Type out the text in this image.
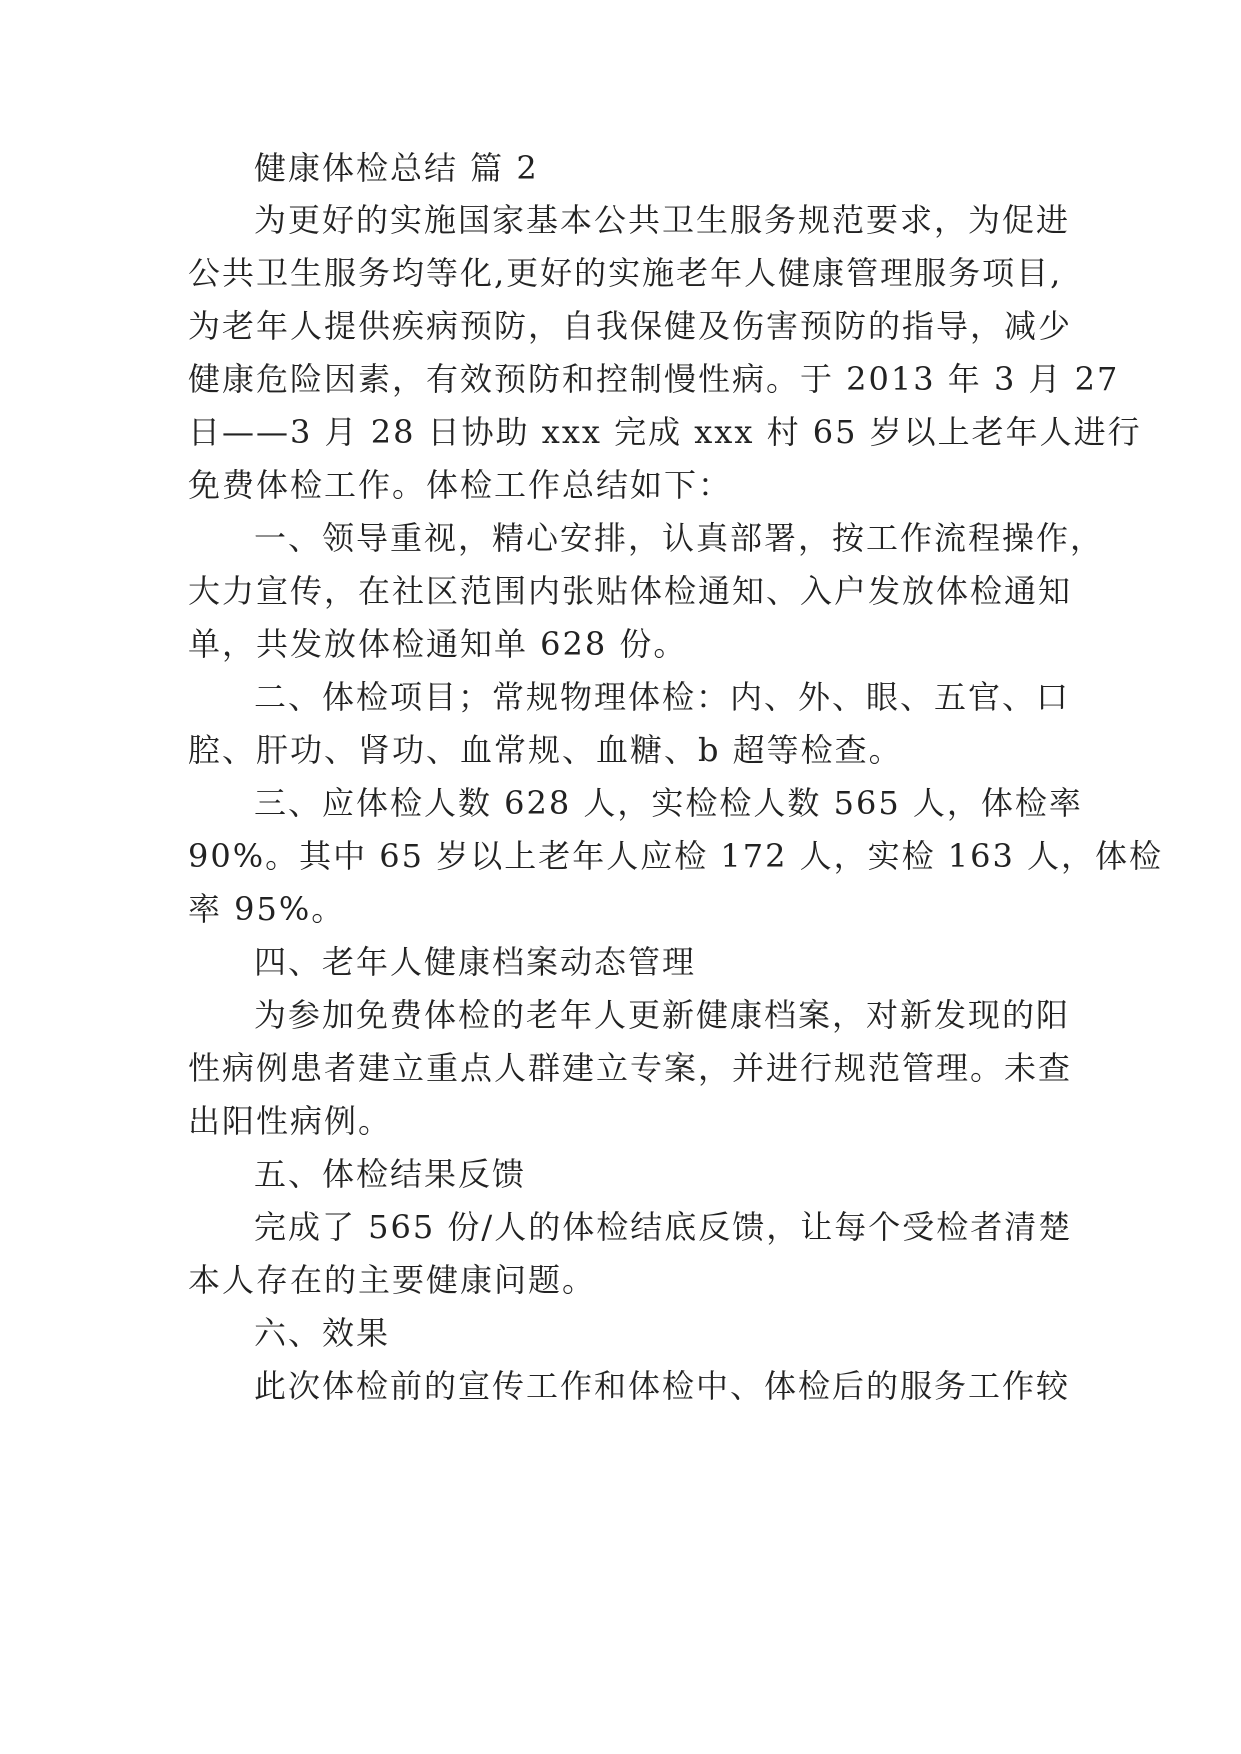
健康体检总结 篇 2
为更好的实施国家基本公共卫生服务规范要求，为促进
公共卫生服务均等化,更好的实施老年人健康管理服务项目,
为老年人提供疾病预防，自我保健及伤害预防的指导，减少
健康危险因素，有效预防和控制慢性病。于 2013 年 3 月 27
日——3 月 28 日协助 xxx 完成 xxx 村 65 岁以上老年人进行
免费体检工作。体检工作总结如下：
一、领导重视，精心安排，认真部署，按工作流程操作，
大力宣传，在社区范围内张贴体检通知、入户发放体检通知
单，共发放体检通知单 628 份。
二、体检项目；常规物理体检：内、外、眼、五官、口
腔、肝功、肾功、血常规、血糖、b 超等检查。
三、应体检人数 628 人，实检检人数 565 人，体检率
90%。其中 65 岁以上老年人应检 172 人，实检 163 人，体检
率 95%。
四、老年人健康档案动态管理
为参加免费体检的老年人更新健康档案，对新发现的阳
性病例患者建立重点人群建立专案，并进行规范管理。未查
出阳性病例。
五、体检结果反馈
完成了 565 份/人的体检结底反馈，让每个受检者清楚
本人存在的主要健康问题。
六、效果
此次体检前的宣传工作和体检中、体检后的服务工作较
